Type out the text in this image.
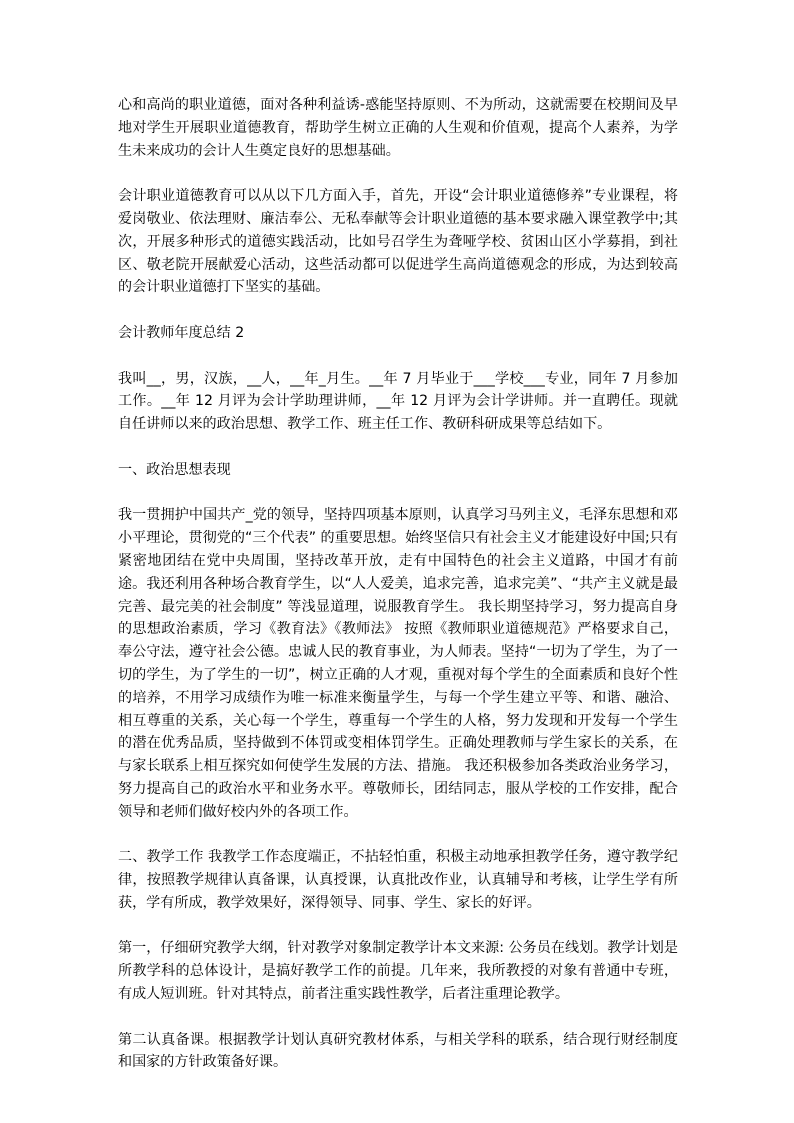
心和高尚的职业道德，面对各种利益诱-惑能坚持原则、不为所动，这就需要在校期间及早地对学生开展职业道德教育，帮助学生树立正确的人生观和价值观，提高个人素养，为学生未来成功的会计人生奠定良好的思想基础。

会计职业道德教育可以从以下几方面入手，首先，开设“会计职业道德修养”专业课程，将爱岗敬业、依法理财、廉洁奉公、无私奉献等会计职业道德的基本要求融入课堂教学中;其次，开展多种形式的道德实践活动，比如号召学生为聋哑学校、贫困山区小学募捐，到社区、敬老院开展献爱心活动，这些活动都可以促进学生高尚道德观念的形成，为达到较高的会计职业道德打下坚实的基础。

会计教师年度总结 2

我叫__，男，汉族，__人，__年_月生。__年 7 月毕业于___学校___专业，同年 7 月参加工作。__年 12 月评为会计学助理讲师，__年 12 月评为会计学讲师。并一直聘任。现就自任讲师以来的政治思想、教学工作、班主任工作、教研科研成果等总结如下。

一、政治思想表现

我一贯拥护中国共产_党的领导，坚持四项基本原则，认真学习马列主义，毛泽东思想和邓小平理论，贯彻党的“三个代表” 的重要思想。始终坚信只有社会主义才能建设好中国;只有紧密地团结在党中央周围，坚持改革开放，走有中国特色的社会主义道路，中国才有前途。我还利用各种场合教育学生，以“人人爱美，追求完善，追求完美”、“共产主义就是最完善、最完美的社会制度” 等浅显道理，说服教育学生。 我长期坚持学习，努力提高自身的思想政治素质，学习《教育法》《教师法》 按照《教师职业道德规范》严格要求自己，奉公守法，遵守社会公德。忠诚人民的教育事业，为人师表。坚持“一切为了学生，为了一切的学生，为了学生的一切”，树立正确的人才观，重视对每个学生的全面素质和良好个性的培养，不用学习成绩作为唯一标准来衡量学生，与每一个学生建立平等、和谐、融洽、相互尊重的关系，关心每一个学生，尊重每一个学生的人格，努力发现和开发每一个学生的潜在优秀品质，坚持做到不体罚或变相体罚学生。正确处理教师与学生家长的关系，在与家长联系上相互探究如何使学生发展的方法、措施。 我还积极参加各类政治业务学习，努力提高自己的政治水平和业务水平。尊敬师长，团结同志，服从学校的工作安排，配合领导和老师们做好校内外的各项工作。

二、教学工作 我教学工作态度端正，不拈轻怕重，积极主动地承担教学任务，遵守教学纪律，按照教学规律认真备课，认真授课，认真批改作业，认真辅导和考核，让学生学有所获，学有所成，教学效果好，深得领导、同事、学生、家长的好评。

第一，仔细研究教学大纲，针对教学对象制定教学计本文来源: 公务员在线划。教学计划是所教学科的总体设计，是搞好教学工作的前提。几年来，我所教授的对象有普通中专班，有成人短训班。针对其特点，前者注重实践性教学，后者注重理论教学。

第二认真备课。根据教学计划认真研究教材体系，与相关学科的联系，结合现行财经制度和国家的方针政策备好课。
